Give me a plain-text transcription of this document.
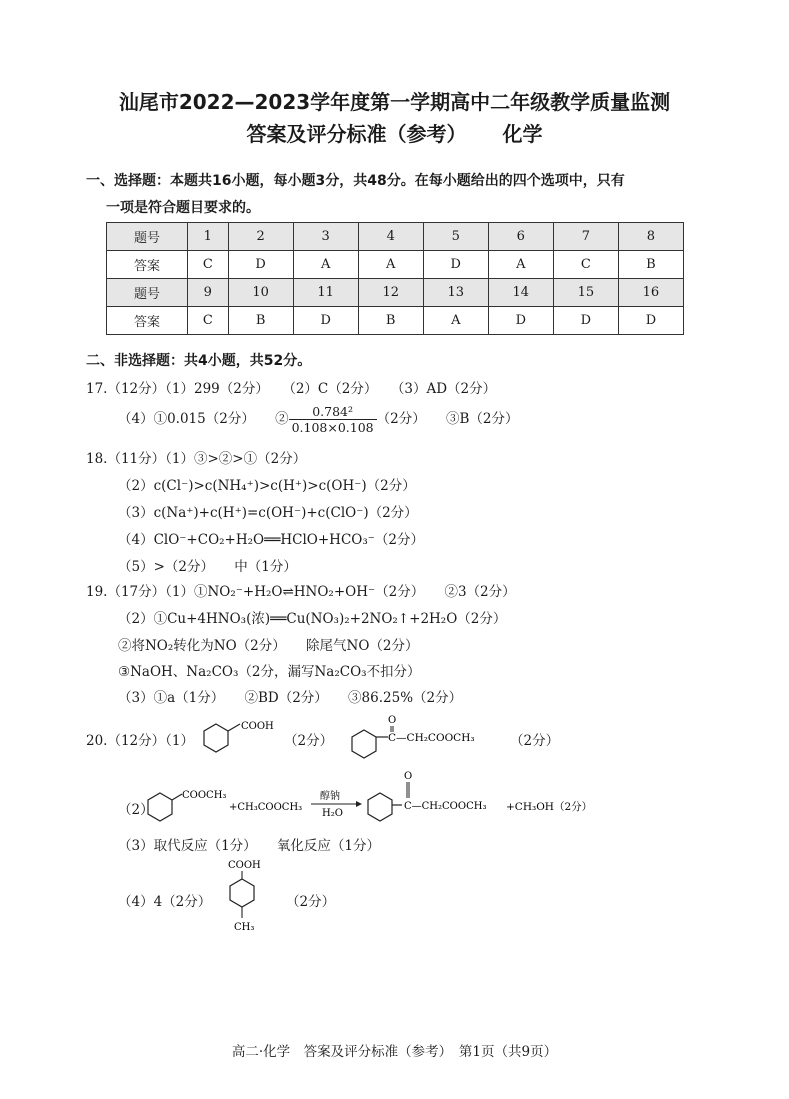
汕尾市2022—2023学年度第一学期高中二年级教学质量监测
答案及评分标准（参考） 化学
一、选择题：本题共16小题，每小题3分，共48分。在每小题给出的四个选项中，只有
一项是符合题目要求的。
题号	1	2	3	4	5	6	7	8
答案	C	D	A	A	D	A	C	B
题号	9	10	11	12	13	14	15	16
答案	C	B	D	B	A	D	D	D
二、非选择题：共4小题，共52分。
17.（12分）（1）299（2分）　　（2）C（2分）　　（3）AD（2分）
（4）①0.015（2分）　　② $\frac{\text{0.784²}}{0.108\times 0.108} (2$分）　　③B（2分）
18.（11分）（1）③>②>①（2分）
（2）c(Cl⁻)>c(NH₄⁺)>c(H⁺)>c(OH⁻)（2分）
（3）c(Na⁺)+c(H⁺)=c(OH⁻)+c(ClO⁻)（2分）
（4）ClO⁻+CO₂+H₂O══HClO+HCO₃⁻（2分）
（5）>（2分）　　中（1分）
19.（17分）（1）①NO₂⁻+H₂O⇌HNO₂+OH⁻（2分）　　②3（2分）
（2）①Cu+4HNO₃(浓)══Cu(NO₃)₂+2NO₂↑+2H₂O（2分）
②将NO₂转化为NO（2分）　　除尾气NO（2分）
③NaOH、Na₂CO₃（2分，漏写Na₂CO₃不扣分）
（3）①a（1分）　　②BD（2分）　　③86.25%（2分）
20.（12分）（1）
COOH
（2分）
O
C—CH₂COOCH₃	（2分）
（2）
COOCH₃
+CH₃COOCH₃
醇钠
H₂O
O
C—CH₂COOCH₃ +CH₃OH（2分）
（3）取代反应（1分）　　氧化反应（1分）
（4）4（2分）
COOH
CH₃
（2分）
高二·化学　答案及评分标准（参考）　第1页（共9页）
